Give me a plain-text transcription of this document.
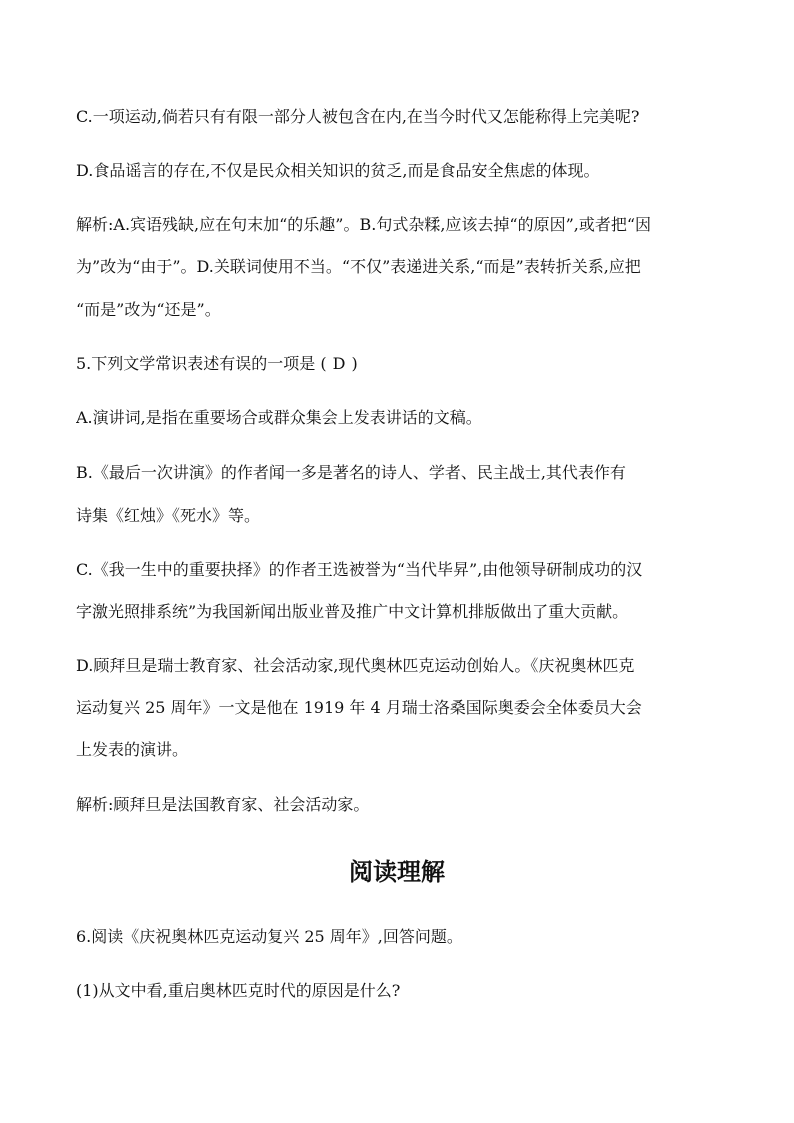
C.一项运动,倘若只有有限一部分人被包含在内,在当今时代又怎能称得上完美呢?
D.食品谣言的存在,不仅是民众相关知识的贫乏,而是食品安全焦虑的体现。
解析:A.宾语残缺,应在句末加“的乐趣”。B.句式杂糅,应该去掉“的原因”,或者把“因
为”改为“由于”。D.关联词使用不当。“不仅”表递进关系,“而是”表转折关系,应把
“而是”改为“还是”。
5.下列文学常识表述有误的一项是 ( D )
A.演讲词,是指在重要场合或群众集会上发表讲话的文稿。
B.《最后一次讲演》的作者闻一多是著名的诗人、学者、民主战士,其代表作有
诗集《红烛》《死水》等。
C.《我一生中的重要抉择》的作者王选被誉为“当代毕昇”,由他领导研制成功的汉
字激光照排系统”为我国新闻出版业普及推广中文计算机排版做出了重大贡献。
D.顾拜旦是瑞士教育家、社会活动家,现代奥林匹克运动创始人。《庆祝奥林匹克
运动复兴 25 周年》一文是他在 1919 年 4 月瑞士洛桑国际奥委会全体委员大会
上发表的演讲。
解析:顾拜旦是法国教育家、社会活动家。
阅读理解
6.阅读《庆祝奥林匹克运动复兴 25 周年》,回答问题。
(1)从文中看,重启奥林匹克时代的原因是什么?
